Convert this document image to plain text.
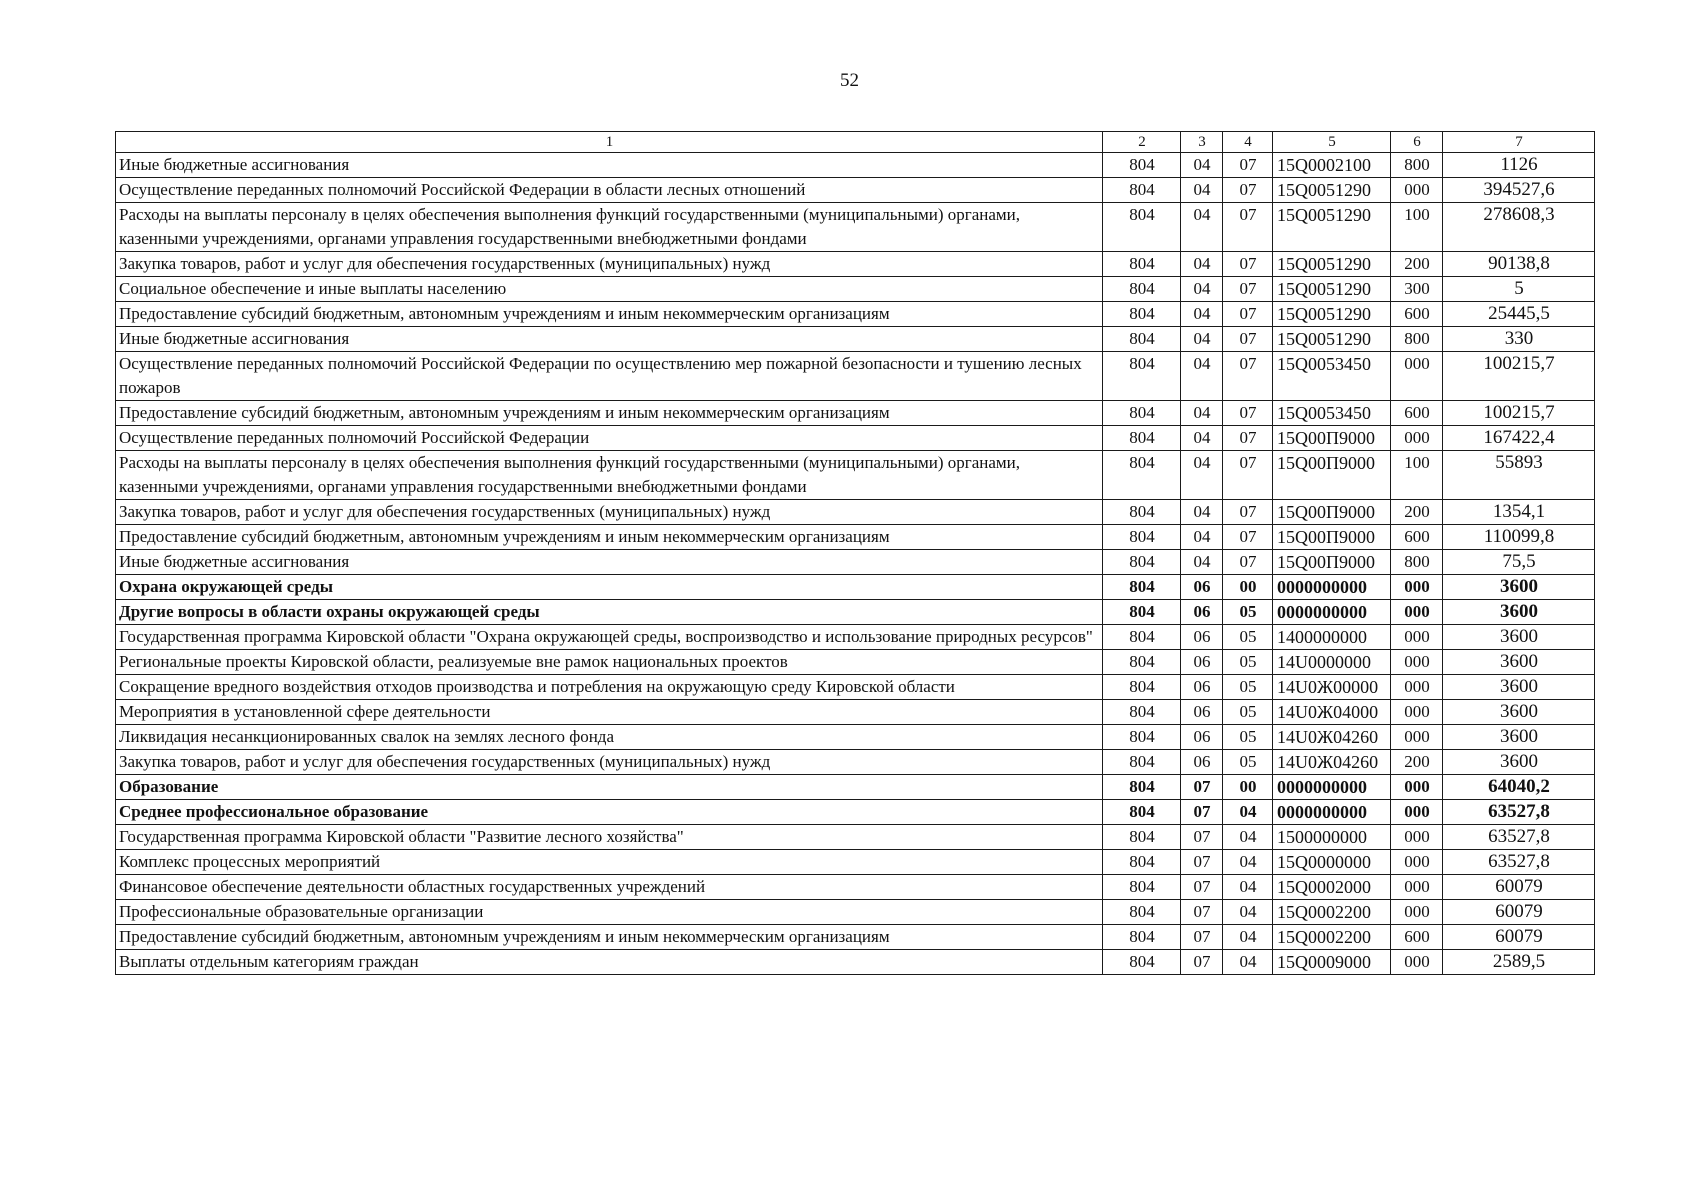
52
1	2	3	4	5	6	7
Иные бюджетные ассигнования	804	04	07	15Q0002100	800	1126
Осуществление переданных полномочий Российской Федерации в области лесных отношений	804	04	07	15Q0051290	000	394527,6
Расходы на выплаты персоналу в целях обеспечения выполнения функций государственными (муниципальными) органами, казенными учреждениями, органами управления государственными внебюджетными фондами	804	04	07	15Q0051290	100	278608,3
Закупка товаров, работ и услуг для обеспечения государственных (муниципальных) нужд	804	04	07	15Q0051290	200	90138,8
Социальное обеспечение и иные выплаты населению	804	04	07	15Q0051290	300	5
Предоставление субсидий бюджетным, автономным учреждениям и иным некоммерческим организациям	804	04	07	15Q0051290	600	25445,5
Иные бюджетные ассигнования	804	04	07	15Q0051290	800	330
Осуществление переданных полномочий Российской Федерации по осуществлению мер пожарной безопасности и тушению лесных пожаров	804	04	07	15Q0053450	000	100215,7
Предоставление субсидий бюджетным, автономным учреждениям и иным некоммерческим организациям	804	04	07	15Q0053450	600	100215,7
Осуществление переданных полномочий Российской Федерации	804	04	07	15Q00П9000	000	167422,4
Расходы на выплаты персоналу в целях обеспечения выполнения функций государственными (муниципальными) органами, казенными учреждениями, органами управления государственными внебюджетными фондами	804	04	07	15Q00П9000	100	55893
Закупка товаров, работ и услуг для обеспечения государственных (муниципальных) нужд	804	04	07	15Q00П9000	200	1354,1
Предоставление субсидий бюджетным, автономным учреждениям и иным некоммерческим организациям	804	04	07	15Q00П9000	600	110099,8
Иные бюджетные ассигнования	804	04	07	15Q00П9000	800	75,5
Охрана окружающей среды	804	06	00	0000000000	000	3600
Другие вопросы в области охраны окружающей среды	804	06	05	0000000000	000	3600
Государственная программа Кировской области "Охрана окружающей среды, воспроизводство и использование природных ресурсов"	804	06	05	1400000000	000	3600
Региональные проекты Кировской области, реализуемые вне рамок национальных проектов	804	06	05	14U0000000	000	3600
Сокращение вредного воздействия отходов производства и потребления на окружающую среду Кировской области	804	06	05	14U0Ж00000	000	3600
Мероприятия в установленной сфере деятельности	804	06	05	14U0Ж04000	000	3600
Ликвидация несанкционированных свалок на землях лесного фонда	804	06	05	14U0Ж04260	000	3600
Закупка товаров, работ и услуг для обеспечения государственных (муниципальных) нужд	804	06	05	14U0Ж04260	200	3600
Образование	804	07	00	0000000000	000	64040,2
Среднее профессиональное образование	804	07	04	0000000000	000	63527,8
Государственная программа Кировской области "Развитие лесного хозяйства"	804	07	04	1500000000	000	63527,8
Комплекс процессных мероприятий	804	07	04	15Q0000000	000	63527,8
Финансовое обеспечение деятельности областных государственных учреждений	804	07	04	15Q0002000	000	60079
Профессиональные образовательные организации	804	07	04	15Q0002200	000	60079
Предоставление субсидий бюджетным, автономным учреждениям и иным некоммерческим организациям	804	07	04	15Q0002200	600	60079
Выплаты отдельным категориям граждан	804	07	04	15Q0009000	000	2589,5
